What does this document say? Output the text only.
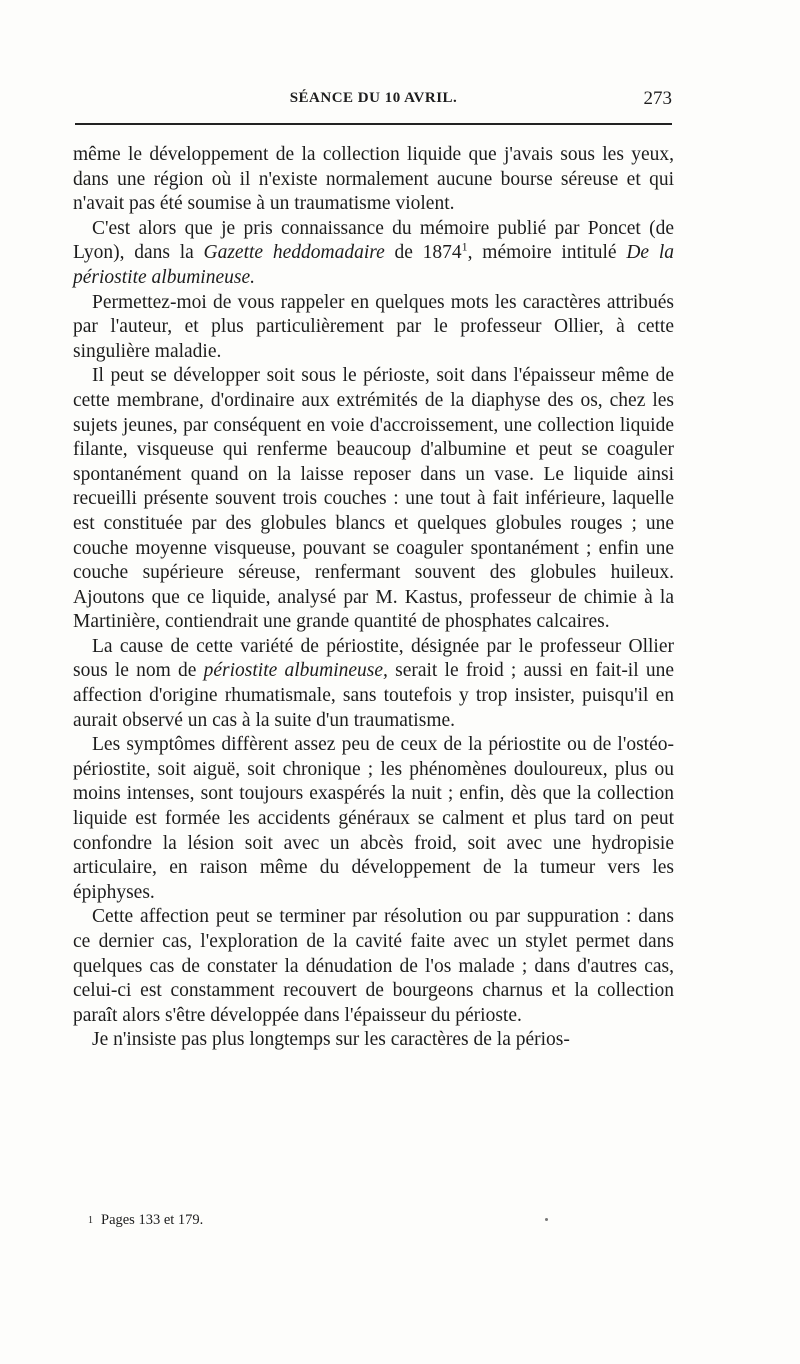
SÉANCE DU 10 AVRIL.	273

même le développement de la collection liquide que j'avais sous les yeux, dans une région où il n'existe normalement aucune bourse séreuse et qui n'avait pas été soumise à un traumatisme violent.

C'est alors que je pris connaissance du mémoire publié par Poncet (de Lyon), dans la Gazette heddomadaire de 1874$^1$, mémoire intitulé De la périostite albumineuse.

Permettez-moi de vous rappeler en quelques mots les caractères attribués par l'auteur, et plus particulièrement par le professeur Ollier, à cette singulière maladie.

Il peut se développer soit sous le périoste, soit dans l'épaisseur même de cette membrane, d'ordinaire aux extrémités de la diaphyse des os, chez les sujets jeunes, par conséquent en voie d'accroissement, une collection liquide filante, visqueuse qui renferme beaucoup d'albumine et peut se coaguler spontanément quand on la laisse reposer dans un vase. Le liquide ainsi recueilli présente souvent trois couches : une tout à fait inférieure, laquelle est constituée par des globules blancs et quelques globules rouges ; une couche moyenne visqueuse, pouvant se coaguler spontanément ; enfin une couche supérieure séreuse, renfermant souvent des globules huileux. Ajoutons que ce liquide, analysé par M. Kastus, professeur de chimie à la Martinière, contiendrait une grande quantité de phosphates calcaires.

La cause de cette variété de périostite, désignée par le professeur Ollier sous le nom de périostite albumineuse, serait le froid ; aussi en fait-il une affection d'origine rhumatismale, sans toutefois y trop insister, puisqu'il en aurait observé un cas à la suite d'un traumatisme.

Les symptômes diffèrent assez peu de ceux de la périostite ou de l'ostéo-périostite, soit aiguë, soit chronique ; les phénomènes douloureux, plus ou moins intenses, sont toujours exaspérés la nuit ; enfin, dès que la collection liquide est formée les accidents généraux se calment et plus tard on peut confondre la lésion soit avec un abcès froid, soit avec une hydropisie articulaire, en raison même du développement de la tumeur vers les épiphyses.

Cette affection peut se terminer par résolution ou par suppuration : dans ce dernier cas, l'exploration de la cavité faite avec un stylet permet dans quelques cas de constater la dénudation de l'os malade ; dans d'autres cas, celui-ci est constamment recouvert de bourgeons charnus et la collection paraît alors s'être développée dans l'épaisseur du périoste.

Je n'insiste pas plus longtemps sur les caractères de la périos-

1 Pages 133 et 179.
